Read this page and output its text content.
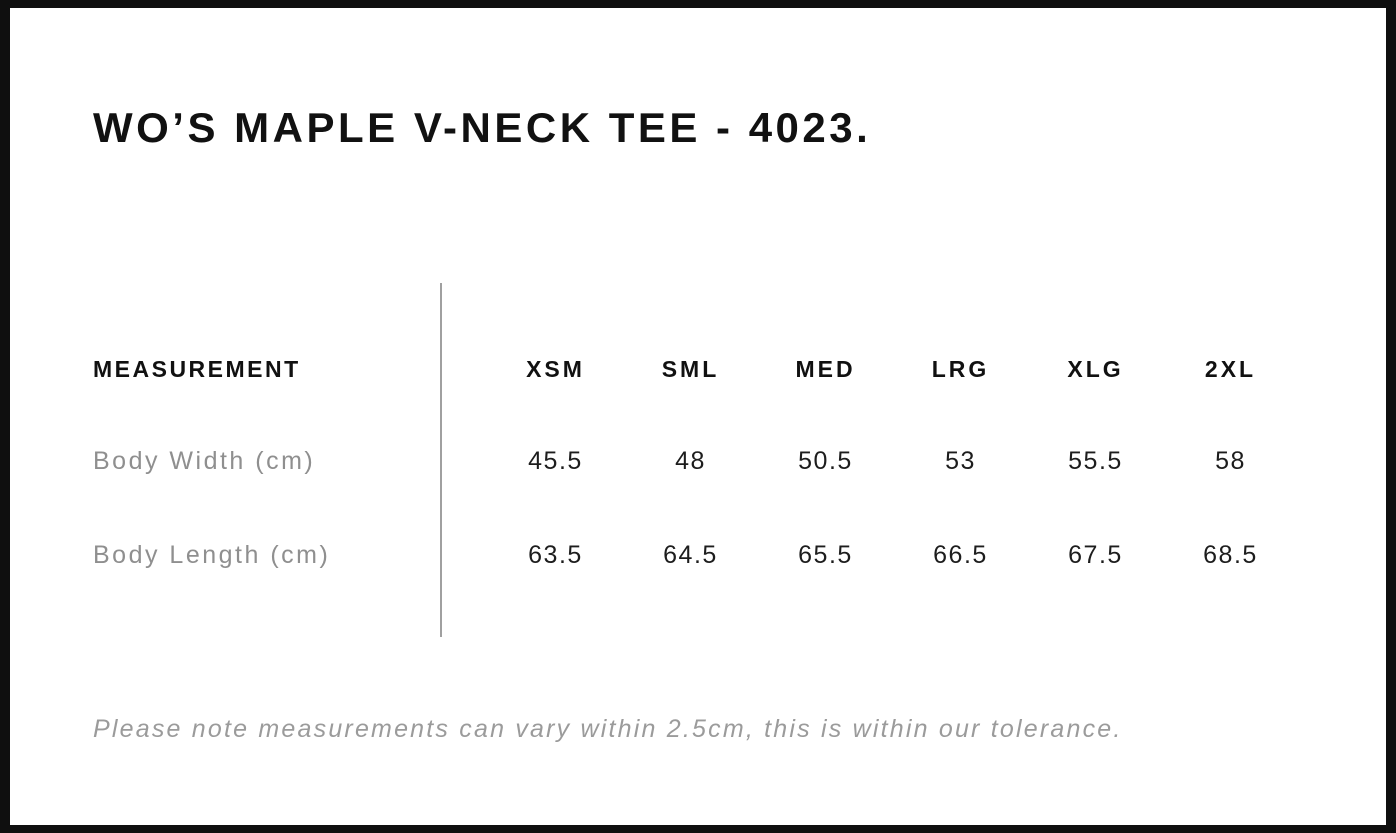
WO’S MAPLE V-NECK TEE - 4023.
MEASUREMENT	XSM	SML	MED	LRG	XLG	2XL
Body Width (cm)	45.5	48	50.5	53	55.5	58
Body Length (cm)	63.5	64.5	65.5	66.5	67.5	68.5

Please note measurements can vary within 2.5cm, this is within our tolerance.
